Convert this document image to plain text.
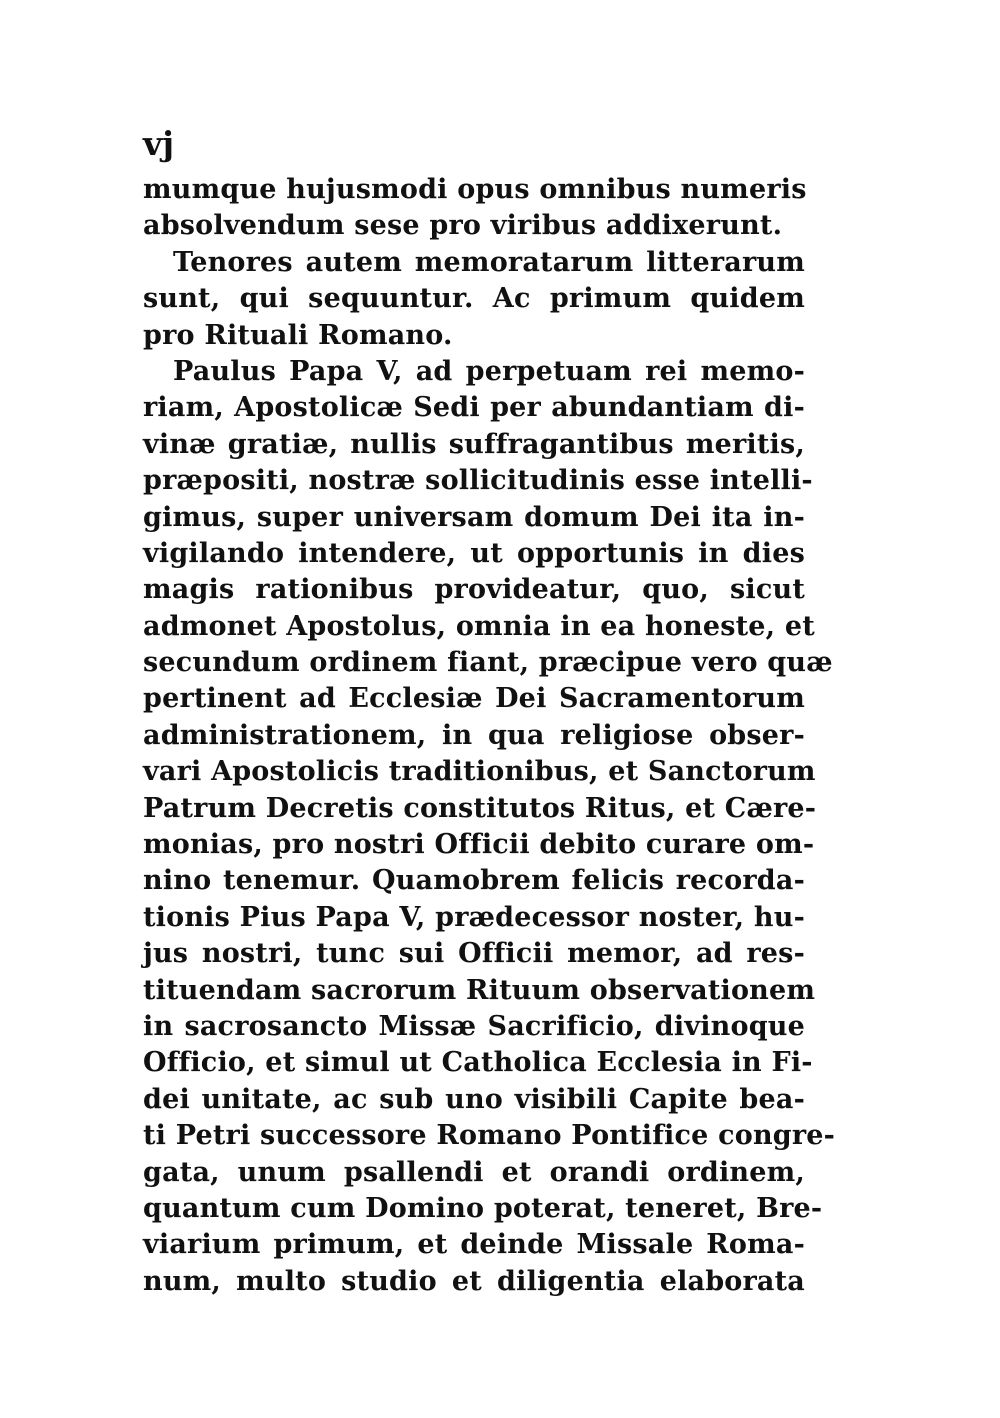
vj
mumque hujusmodi opus omnibus numeris
absolvendum sese pro viribus addixerunt.
Tenores autem memoratarum litterarum
sunt, qui sequuntur. Ac primum quidem
pro Rituali Romano.
Paulus Papa V, ad perpetuam rei memo-
riam, Apostolicæ Sedi per abundantiam di-
vinæ gratiæ, nullis suffragantibus meritis,
præpositi, nostræ sollicitudinis esse intelli-
gimus, super universam domum Dei ita in-
vigilando intendere, ut opportunis in dies
magis rationibus provideatur, quo, sicut
admonet Apostolus, omnia in ea honeste, et
secundum ordinem fiant, præcipue vero quæ
pertinent ad Ecclesiæ Dei Sacramentorum
administrationem, in qua religiose obser-
vari Apostolicis traditionibus, et Sanctorum
Patrum Decretis constitutos Ritus, et Cære-
monias, pro nostri Officii debito curare om-
nino tenemur. Quamobrem felicis recorda-
tionis Pius Papa V, prædecessor noster, hu-
jus nostri, tunc sui Officii memor, ad res-
tituendam sacrorum Rituum observationem
in sacrosancto Missæ Sacrificio, divinoque
Officio, et simul ut Catholica Ecclesia in Fi-
dei unitate, ac sub uno visibili Capite bea-
ti Petri successore Romano Pontifice congre-
gata, unum psallendi et orandi ordinem,
quantum cum Domino poterat, teneret, Bre-
viarium primum, et deinde Missale Roma-
num, multo studio et diligentia elaborata
